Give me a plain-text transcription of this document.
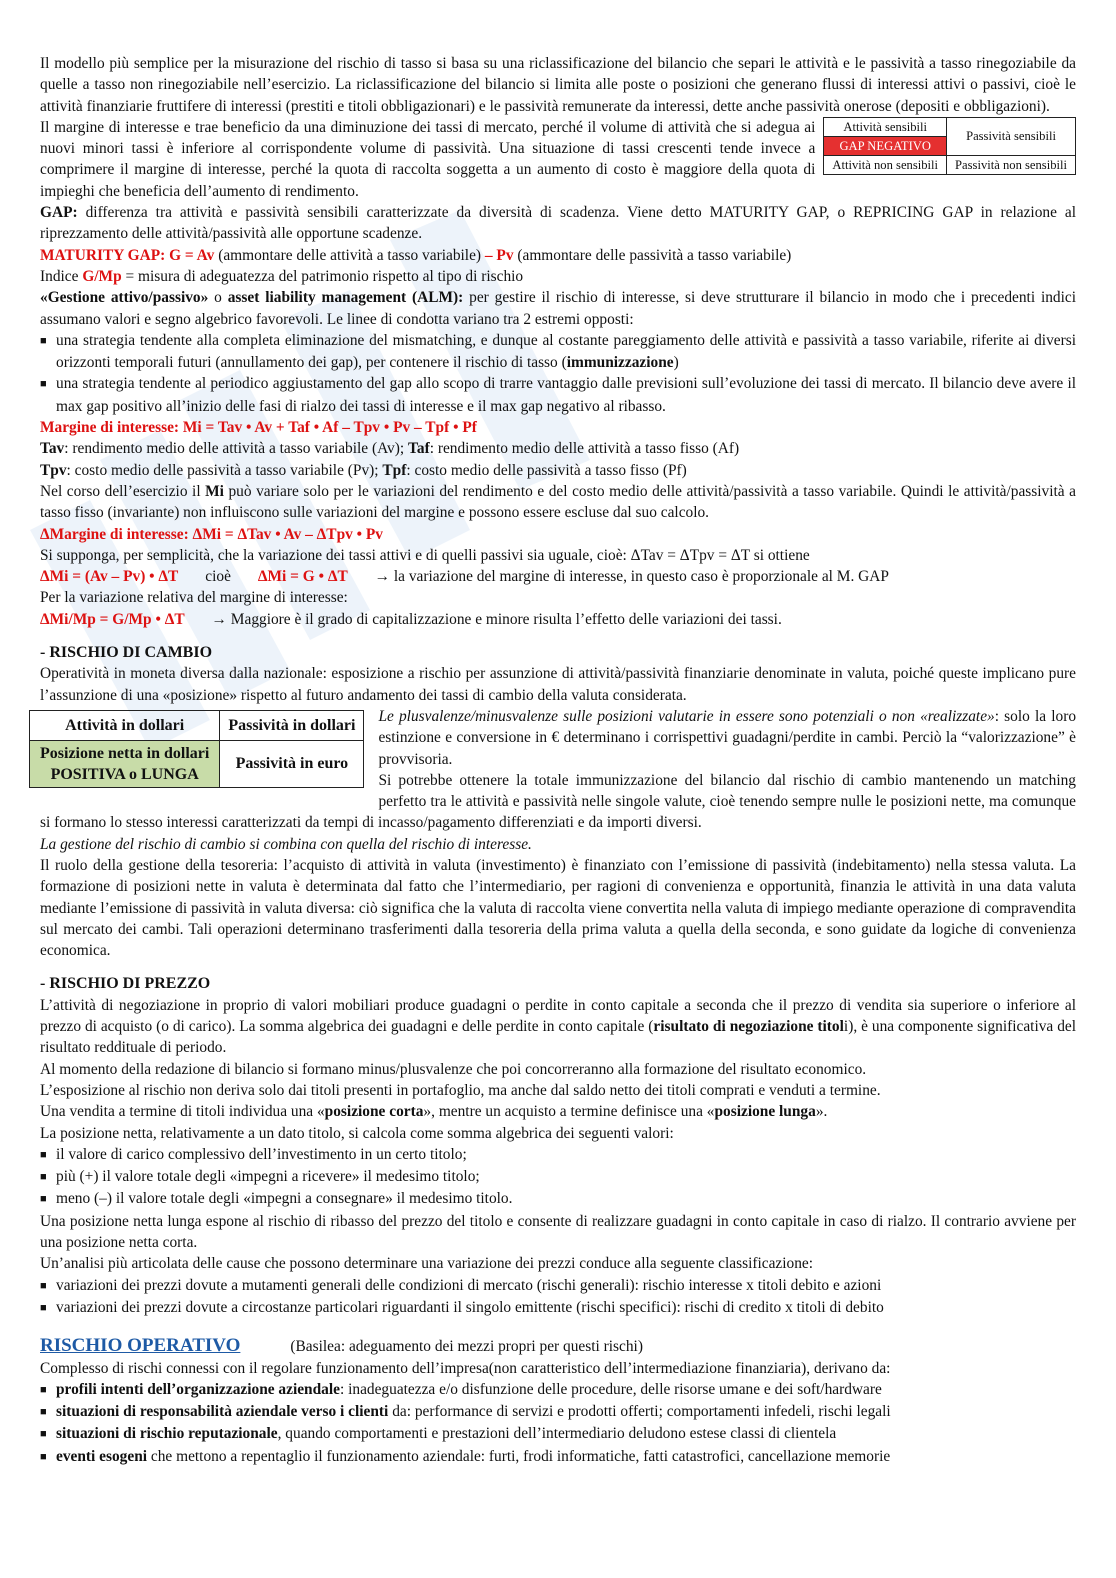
Il modello più semplice per la misurazione del rischio di tasso si basa su una riclassificazione del bilancio che separi le attività e le passività a tasso rinegoziabile da quelle a tasso non rinegoziabile nell’esercizio. La riclassificazione del bilancio si limita alle poste o posizioni che generano flussi di interessi attivi o passivi, cioè le attività finanziarie fruttifere di interessi (prestiti e titoli obbligazionari) e le passività remunerate da interessi, dette anche passività onerose (depositi e obbligazioni).

Attività sensibili	Passività sensibili
GAP NEGATIVO	
Attività non sensibili	Passività non sensibili

Il margine di interesse e trae beneficio da una diminuzione dei tassi di mercato, perché il volume di attività che si adegua ai nuovi minori tassi è inferiore al corrispondente volume di passività. Una situazione di tassi crescenti tende invece a comprimere il margine di interesse, perché la quota di raccolta soggetta a un aumento di costo è maggiore della quota di impieghi che beneficia dell’aumento di rendimento.

GAP: differenza tra attività e passività sensibili caratterizzate da diversità di scadenza. Viene detto MATURITY GAP, o REPRICING GAP in relazione al riprezzamento delle attività/passività alle opportune scadenze.

MATURITY GAP: G = Av (ammontare delle attività a tasso variabile) – Pv (ammontare delle passività a tasso variabile)

Indice G/Mp = misura di adeguatezza del patrimonio rispetto al tipo di rischio

«Gestione attivo/passivo» o asset liability management (ALM): per gestire il rischio di interesse, si deve strutturare il bilancio in modo che i precedenti indici assumano valori e segno algebrico favorevoli. Le linee di condotta variano tra 2 estremi opposti:

■ una strategia tendente alla completa eliminazione del mismatching, e dunque al costante pareggiamento delle attività e passività a tasso variabile, riferite ai diversi orizzonti temporali futuri (annullamento dei gap), per contenere il rischio di tasso (immunizzazione)

■ una strategia tendente al periodico aggiustamento del gap allo scopo di trarre vantaggio dalle previsioni sull’evoluzione dei tassi di mercato. Il bilancio deve avere il max gap positivo all’inizio delle fasi di rialzo dei tassi di interesse e il max gap negativo al ribasso.

Margine di interesse: Mi = Tav • Av + Taf • Af – Tpv • Pv – Tpf • Pf

Tav: rendimento medio delle attività a tasso variabile (Av); Taf: rendimento medio delle attività a tasso fisso (Af)

Tpv: costo medio delle passività a tasso variabile (Pv); Tpf: costo medio delle passività a tasso fisso (Pf)

Nel corso dell’esercizio il Mi può variare solo per le variazioni del rendimento e del costo medio delle attività/passività a tasso variabile. Quindi le attività/passività a tasso fisso (invariante) non influiscono sulle variazioni del margine e possono essere escluse dal suo calcolo.

ΔMargine di interesse: ΔMi = ΔTav • Av – ΔTpv • Pv

Si supponga, per semplicità, che la variazione dei tassi attivi e di quelli passivi sia uguale, cioè: ΔTav = ΔTpv = ΔT si ottiene

ΔMi = (Av – Pv) • ΔT       cioè       ΔMi = G • ΔT       → la variazione del margine di interesse, in questo caso è proporzionale al M. GAP

Per la variazione relativa del margine di interesse:

ΔMi/Mp = G/Mp • ΔT       → Maggiore è il grado di capitalizzazione e minore risulta l’effetto delle variazioni dei tassi.

- RISCHIO DI CAMBIO

Operatività in moneta diversa dalla nazionale: esposizione a rischio per assunzione di attività/passività finanziarie denominate in valuta, poiché queste implicano pure l’assunzione di una «posizione» rispetto al futuro andamento dei tassi di cambio della valuta considerata.

Attività in dollari	Passività in dollari
Posizione netta in dollari
POSITIVA o LUNGA	Passività in euro

Le plusvalenze/minusvalenze sulle posizioni valutarie in essere sono potenziali o non «realizzate»: solo la loro estinzione e conversione in € determinano i corrispettivi guadagni/perdite in cambi. Perciò la “valorizzazione” è provvisoria.

Si potrebbe ottenere la totale immunizzazione del bilancio dal rischio di cambio mantenendo un matching perfetto tra le attività e passività nelle singole valute, cioè tenendo sempre nulle le posizioni nette, ma comunque si formano lo stesso interessi caratterizzati da tempi di incasso/pagamento differenziati e da importi diversi.

La gestione del rischio di cambio si combina con quella del rischio di interesse.

Il ruolo della gestione della tesoreria: l’acquisto di attività in valuta (investimento) è finanziato con l’emissione di passività (indebitamento) nella stessa valuta. La formazione di posizioni nette in valuta è determinata dal fatto che l’intermediario, per ragioni di convenienza e opportunità, finanzia le attività in una data valuta mediante l’emissione di passività in valuta diversa: ciò significa che la valuta di raccolta viene convertita nella valuta di impiego mediante operazione di compravendita sul mercato dei cambi. Tali operazioni determinano trasferimenti dalla tesoreria della prima valuta a quella della seconda, e sono guidate da logiche di convenienza economica.

- RISCHIO DI PREZZO

L’attività di negoziazione in proprio di valori mobiliari produce guadagni o perdite in conto capitale a seconda che il prezzo di vendita sia superiore o inferiore al prezzo di acquisto (o di carico). La somma algebrica dei guadagni e delle perdite in conto capitale (risultato di negoziazione titoli), è una componente significativa del risultato reddituale di periodo.

Al momento della redazione di bilancio si formano minus/plusvalenze che poi concorreranno alla formazione del risultato economico.

L’esposizione al rischio non deriva solo dai titoli presenti in portafoglio, ma anche dal saldo netto dei titoli comprati e venduti a termine.

Una vendita a termine di titoli individua una «posizione corta», mentre un acquisto a termine definisce una «posizione lunga».

La posizione netta, relativamente a un dato titolo, si calcola come somma algebrica dei seguenti valori:

■ il valore di carico complessivo dell’investimento in un certo titolo;

■ più (+) il valore totale degli «impegni a ricevere» il medesimo titolo;

■ meno (–) il valore totale degli «impegni a consegnare» il medesimo titolo.

Una posizione netta lunga espone al rischio di ribasso del prezzo del titolo e consente di realizzare guadagni in conto capitale in caso di rialzo. Il contrario avviene per una posizione netta corta.

Un’analisi più articolata delle cause che possono determinare una variazione dei prezzi conduce alla seguente classificazione:

■ variazioni dei prezzi dovute a mutamenti generali delle condizioni di mercato (rischi generali): rischio interesse x titoli debito e azioni

■ variazioni dei prezzi dovute a circostanze particolari riguardanti il singolo emittente (rischi specifici): rischi di credito x titoli di debito

RISCHIO OPERATIVO	(Basilea: adeguamento dei mezzi propri per questi rischi)

Complesso di rischi connessi con il regolare funzionamento dell’impresa(non caratteristico dell’intermediazione finanziaria), derivano da:

■ profili intenti dell’organizzazione aziendale: inadeguatezza e/o disfunzione delle procedure, delle risorse umane e dei soft/hardware

■ situazioni di responsabilità aziendale verso i clienti da: performance di servizi e prodotti offerti; comportamenti infedeli, rischi legali

■ situazioni di rischio reputazionale, quando comportamenti e prestazioni dell’intermediario deludono estese classi di clientela

■ eventi esogeni che mettono a repentaglio il funzionamento aziendale: furti, frodi informatiche, fatti catastrofici, cancellazione memorie
